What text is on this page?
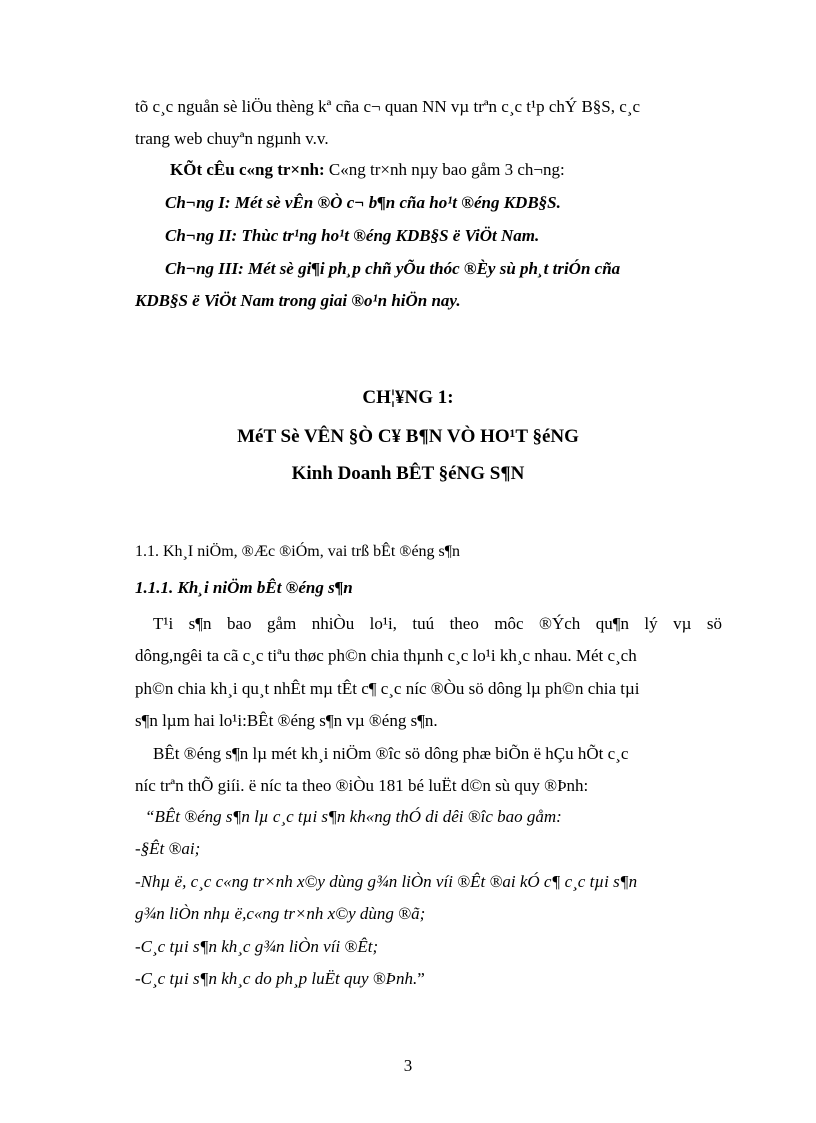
tõ c¸c nguån sè liÖu thèng kª cña c¬ quan NN vµ trªn c¸c t¹p chÝ B§S, c¸c
trang web chuyªn ngµnh v.v.
KÕt cÊu c«ng tr×nh: C«ng tr×nh nµy bao gåm 3 ch¬ng:
Ch¬ng I: Mét sè vÊn ®Ò c¬ b¶n cña ho¹t ®éng KDB§S.
Ch¬ng II: Thùc tr¹ng ho¹t ®éng KDB§S ë ViÖt Nam.
Ch¬ng III: Mét sè gi¶i ph¸p chñ yÕu thóc ®Èy sù ph¸t triÓn cña
KDB§S ë ViÖt Nam trong giai ®o¹n hiÖn nay.
CH¦¥NG 1:
MéT Sè VÊN §Ò C¥ B¶N VÒ HO¹T §éNG
Kinh Doanh BÊT §éNG S¶N
1.1. Kh¸I niÖm, ®Æc ®iÓm, vai trß bÊt ®éng s¶n
1.1.1. Kh¸i niÖm bÊt ®éng s¶n
T¹i s¶n bao gåm nhiÒu lo¹i, tuú theo môc ®Ých qu¶n lý vµ sö
dông,ngêi ta cã c¸c tiªu thøc ph©n chia thµnh c¸c lo¹i kh¸c nhau. Mét c¸ch
ph©n chia kh¸i qu¸t nhÊt mµ tÊt c¶ c¸c níc ®Òu sö dông lµ ph©n chia tµi
s¶n lµm hai lo¹i:BÊt ®éng s¶n vµ ®éng s¶n.
BÊt ®éng s¶n lµ mét kh¸i niÖm ®îc sö dông phæ biÕn ë hÇu hÕt c¸c
níc trªn thÕ giíi. ë níc ta theo ®iÒu 181 bé luËt d©n sù quy ®Þnh:
“BÊt ®éng s¶n lµ c¸c tµi s¶n kh«ng thÓ di dêi ®îc bao gåm:
-§Êt ®ai;
-Nhµ ë, c¸c c«ng tr×nh x©y dùng g¾n liÒn víi ®Êt ®ai kÓ c¶ c¸c tµi s¶n
g¾n liÒn nhµ ë,c«ng tr×nh x©y dùng ®ã;
-C¸c tµi s¶n kh¸c g¾n liÒn víi ®Êt;
-C¸c tµi s¶n kh¸c do ph¸p luËt quy ®Þnh.”
3
